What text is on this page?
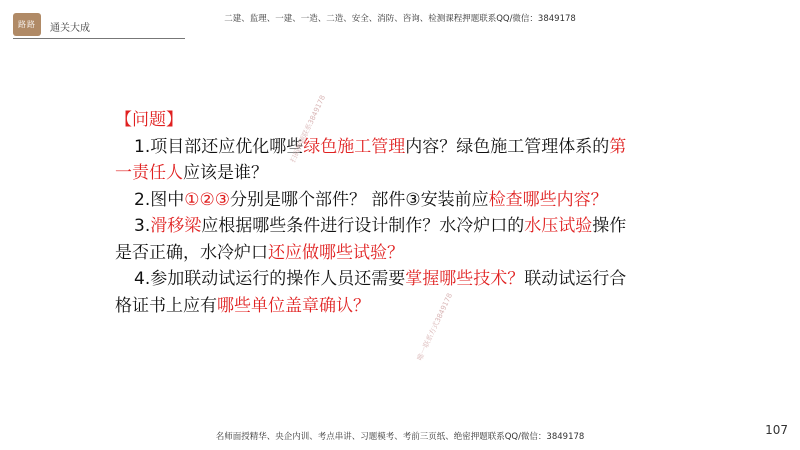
路路	通关大成
二建、监理、一建、一造、二造、安全、消防、咨询、检测课程押题联系QQ/微信：3849178

【问题】

1.项目部还应优化哪些绿色施工管理内容？绿色施工管理体系的第一责任人应该是谁？

2.图中①②③分别是哪个部件？ 部件③安装前应检查哪些内容？

3.滑移梁应根据哪些条件进行设计制作？水冷炉口的水压试验操作是否正确，水冷炉口还应做哪些试验？

4.参加联动试运行的操作人员还需要掌握哪些技术？联动试运行合格证书上应有哪些单位盖章确认？

扫码押题联系3849178
唯一联系方式3849178
107
名师面授精华、央企内训、考点串讲、习题模考、考前三页纸、绝密押题联系QQ/微信：3849178
